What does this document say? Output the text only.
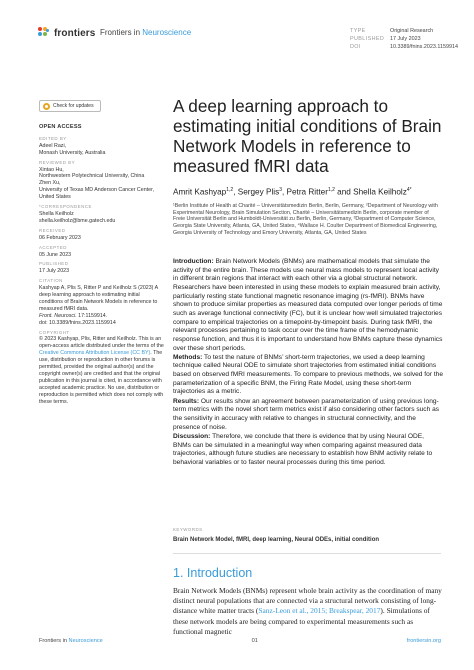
frontiers Frontiers in Neuroscience	TYPE	Original Research
PUBLISHED 17 July 2023
DOI	10.3389/fnins.2023.1159914
Check for updates
OPEN ACCESS
EDITED BY
Adeel Razi,
Monash University, Australia
REVIEWED BY
Xintao Hu,
Northwestern Polytechnical University, China
Zhen Xu,
University of Texas MD Anderson Cancer Center, United States
*CORRESPONDENCE
Shella Keilholz
shella.keilholz@bme.gatech.edu
RECEIVED
06 February 2023
ACCEPTED
05 June 2023
PUBLISHED
17 July 2023
CITATION
Kashyap A, Plis S, Ritter P and Keilholz S (2023) A deep learning approach to estimating initial conditions of Brain Network Models in reference to measured fMRI data.
Front. Neurosci. 17:1159914.
doi: 10.3389/fnins.2023.1159914
COPYRIGHT
© 2023 Kashyap, Plis, Ritter and Keilholz. This is an open-access article distributed under the terms of the Creative Commons Attribution License (CC BY). The use, distribution or reproduction in other forums is permitted, provided the original author(s) and the copyright owner(s) are credited and that the original publication in this journal is cited, in accordance with accepted academic practice. No use, distribution or reproduction is permitted which does not comply with these terms.
A deep learning approach to estimating initial conditions of Brain Network Models in reference to measured fMRI data
Amrit Kashyap$^{1,2}$, Sergey Plis$^3$, Petra Ritter$^{1,2}$ and Shella Keilholz$^{4*}$
¹Berlin Institute of Health at Charité – Universitätsmedizin Berlin, Berlin, Germany, ²Department of Neurology with Experimental Neurology, Brain Simulation Section, Charité – Universitätsmedizin Berlin, corporate member of Freie Universität Berlin and Humboldt-Universität zu Berlin, Berlin, Germany, ³Department of Computer Science, Georgia State University, Atlanta, GA, United States, ⁴Wallace H. Coulter Department of Biomedical Engineering, Georgia University of Technology and Emory University, Atlanta, GA, United States

Introduction: Brain Network Models (BNMs) are mathematical models that simulate the activity of the entire brain. These models use neural mass models to represent local activity in different brain regions that interact with each other via a global structural network. Researchers have been interested in using these models to explain measured brain activity, particularly resting state functional magnetic resonance imaging (rs-fMRI). BNMs have shown to produce similar properties as measured data computed over longer periods of time such as average functional connectivity (FC), but it is unclear how well simulated trajectories compare to empirical trajectories on a timepoint-by-timepoint basis. During task fMRI, the relevant processes pertaining to task occur over the time frame of the hemodynamic response function, and thus it is important to understand how BNMs capture these dynamics over these short periods.

Methods: To test the nature of BNMs’ short-term trajectories, we used a deep learning technique called Neural ODE to simulate short trajectories from estimated initial conditions based on observed fMRI measurements. To compare to previous methods, we solved for the parameterization of a specific BNM, the Firing Rate Model, using these short-term trajectories as a metric.

Results: Our results show an agreement between parameterization of using previous long-term metrics with the novel short term metrics exist if also considering other factors such as the sensitivity in accuracy with relative to changes in structural connectivity, and the presence of noise.

Discussion: Therefore, we conclude that there is evidence that by using Neural ODE, BNMs can be simulated in a meaningful way when comparing against measured data trajectories, although future studies are necessary to establish how BNM activity relate to behavioral variables or to faster neural processes during this time period.

KEYWORDS
Brain Network Model, fMRI, deep learning, Neural ODEs, initial condition
1. Introduction
Brain Network Models (BNMs) represent whole brain activity as the coordination of many distinct neural populations that are connected via a structural network consisting of long-distance white matter tracts (Sanz-Leon et al., 2015; Breakspear, 2017). Simulations of these network models are being compared to experimental measurements such as functional magnetic
Frontiers in Neuroscience	01	frontiersin.org
